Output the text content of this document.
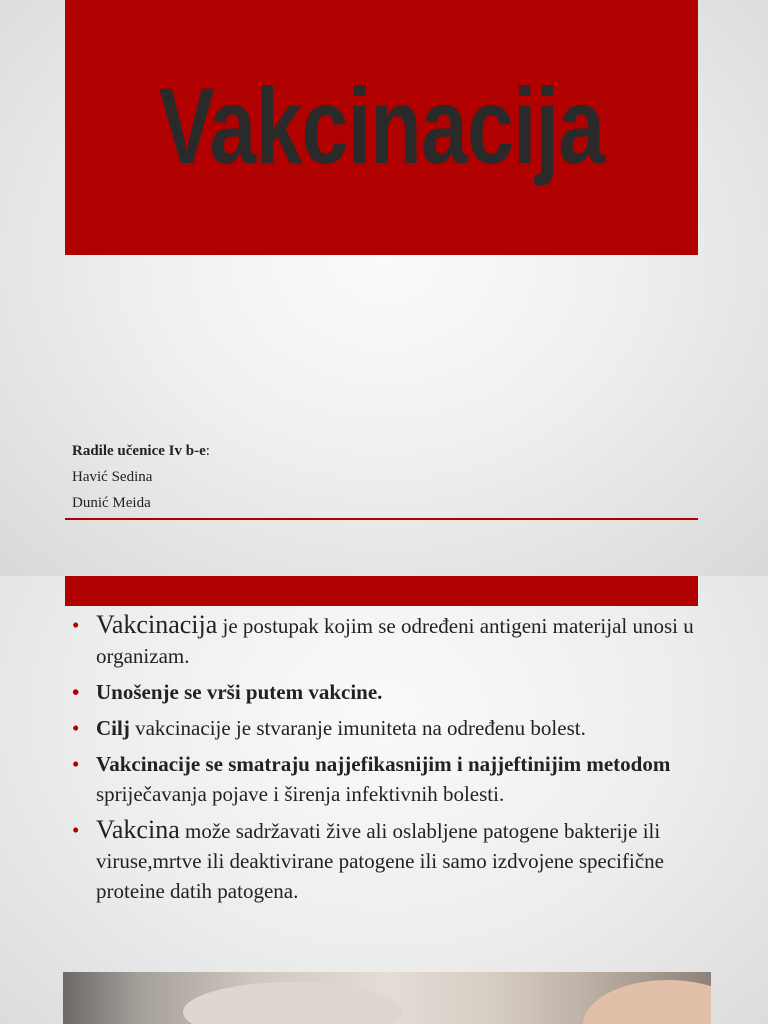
Vakcinacija
Radile učenice Iv b-e:
Havić Sedina
Dunić Meida
• Vakcinacija je postupak kojim se određeni antigeni materijal unosi u organizam.
• Unošenje se vrši putem vakcine.
• Cilj vakcinacije je stvaranje imuniteta na određenu bolest.
• Vakcinacije se smatraju najjefikasnijim i najjeftinijim metodom spriječavanja pojave i širenja infektivnih bolesti.
• Vakcina može sadržavati žive ali oslabljene patogene bakterije ili viruse,mrtve ili deaktivirane patogene ili samo izdvojene specifične proteine datih patogena.
